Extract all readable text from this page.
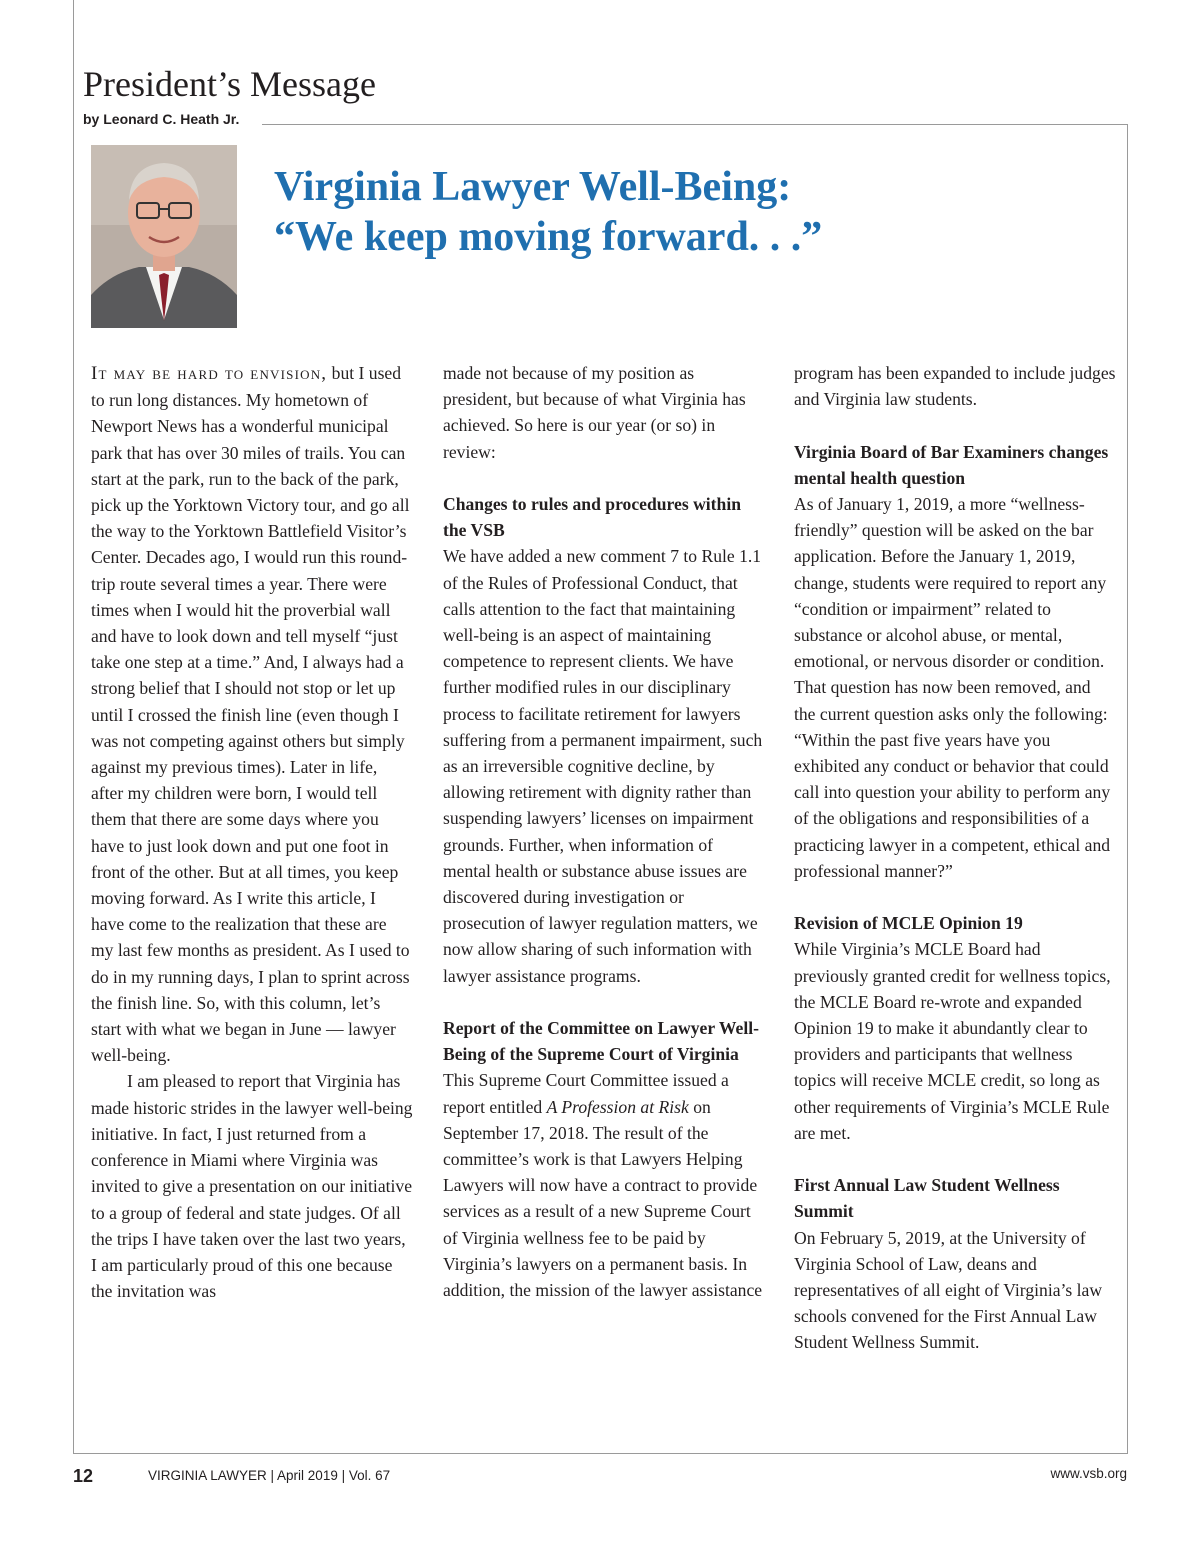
President’s Message
by Leonard C. Heath Jr.
Virginia Lawyer Well-Being:
“We keep moving forward. . .”

It may be hard to envision, but I used to run long distances. My hometown of Newport News has a wonderful municipal park that has over 30 miles of trails. You can start at the park, run to the back of the park, pick up the Yorktown Victory tour, and go all the way to the Yorktown Battlefield Visitor’s Center. Decades ago, I would run this round-trip route several times a year. There were times when I would hit the proverbial wall and have to look down and tell myself “just take one step at a time.” And, I always had a strong belief that I should not stop or let up until I crossed the finish line (even though I was not competing against others but simply against my previous times). Later in life, after my children were born, I would tell them that there are some days where you have to just look down and put one foot in front of the other. But at all times, you keep moving forward. As I write this article, I have come to the realization that these are my last few months as president. As I used to do in my running days, I plan to sprint across the finish line. So, with this column, let’s start with what we began in June — lawyer well-being.

I am pleased to report that Virginia has made historic strides in the lawyer well-being initiative. In fact, I just returned from a conference in Miami where Virginia was invited to give a presentation on our initiative to a group of federal and state judges. Of all the trips I have taken over the last two years, I am particularly proud of this one because the invitation was

made not because of my position as president, but because of what Virginia has achieved. So here is our year (or so) in review:

Changes to rules and procedures within the VSB

We have added a new comment 7 to Rule 1.1 of the Rules of Professional Conduct, that calls attention to the fact that maintaining well-being is an aspect of maintaining competence to represent clients. We have further modified rules in our disciplinary process to facilitate retirement for lawyers suffering from a permanent impairment, such as an irreversible cognitive decline, by allowing retirement with dignity rather than suspending lawyers’ licenses on impairment grounds. Further, when information of mental health or substance abuse issues are discovered during investigation or prosecution of lawyer regulation matters, we now allow sharing of such information with lawyer assistance programs.

Report of the Committee on Lawyer Well-Being of the Supreme Court of Virginia

This Supreme Court Committee issued a report entitled A Profession at Risk on September 17, 2018. The result of the committee’s work is that Lawyers Helping Lawyers will now have a contract to provide services as a result of a new Supreme Court of Virginia wellness fee to be paid by Virginia’s lawyers on a permanent basis. In addition, the mission of the lawyer assistance

program has been expanded to include judges and Virginia law students.

Virginia Board of Bar Examiners changes mental health question

As of January 1, 2019, a more “wellness-friendly” question will be asked on the bar application. Before the January 1, 2019, change, students were required to report any “condition or impairment” related to substance or alcohol abuse, or mental, emotional, or nervous disorder or condition. That question has now been removed, and the current question asks only the following: “Within the past five years have you exhibited any conduct or behavior that could call into question your ability to perform any of the obligations and responsibilities of a practicing lawyer in a competent, ethical and professional manner?”

Revision of MCLE Opinion 19

While Virginia’s MCLE Board had previously granted credit for wellness topics, the MCLE Board re-wrote and expanded Opinion 19 to make it abundantly clear to providers and participants that wellness topics will receive MCLE credit, so long as other requirements of Virginia’s MCLE Rule are met.

First Annual Law Student Wellness Summit

On February 5, 2019, at the University of Virginia School of Law, deans and representatives of all eight of Virginia’s law schools convened for the First Annual Law Student Wellness Summit.

12	VIRGINIA LAWYER | April 2019 | Vol. 67	www.vsb.org
